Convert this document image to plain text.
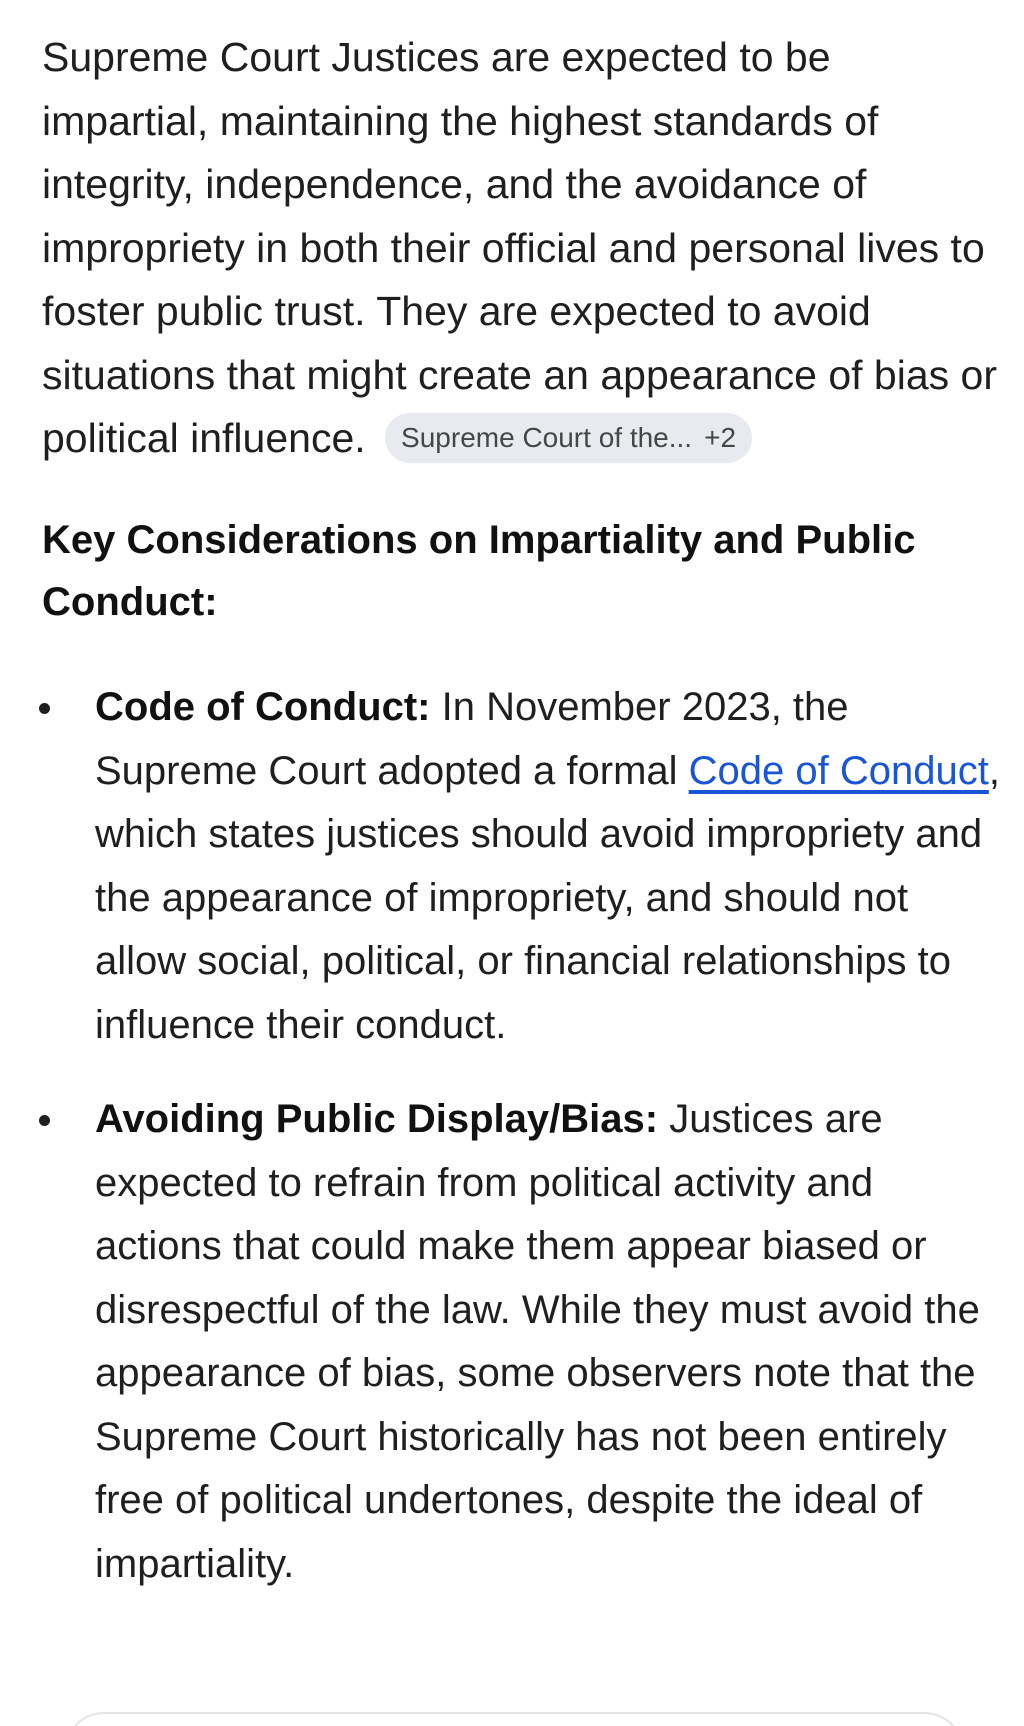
Supreme Court Justices are expected to be impartial, maintaining the highest standards of integrity, independence, and the avoidance of impropriety in both their official and personal lives to foster public trust. They are expected to avoid situations that might create an appearance of bias or political influence. Supreme Court of the... +2

Key Considerations on Impartiality and Public Conduct:
Code of Conduct: In November 2023, the Supreme Court adopted a formal Code of Conduct, which states justices should avoid impropriety and the appearance of impropriety, and should not allow social, political, or financial relationships to influence their conduct.
Avoiding Public Display/Bias: Justices are expected to refrain from political activity and actions that could make them appear biased or disrespectful of the law. While they must avoid the appearance of bias, some observers note that the Supreme Court historically has not been entirely free of political undertones, despite the ideal of impartiality.
